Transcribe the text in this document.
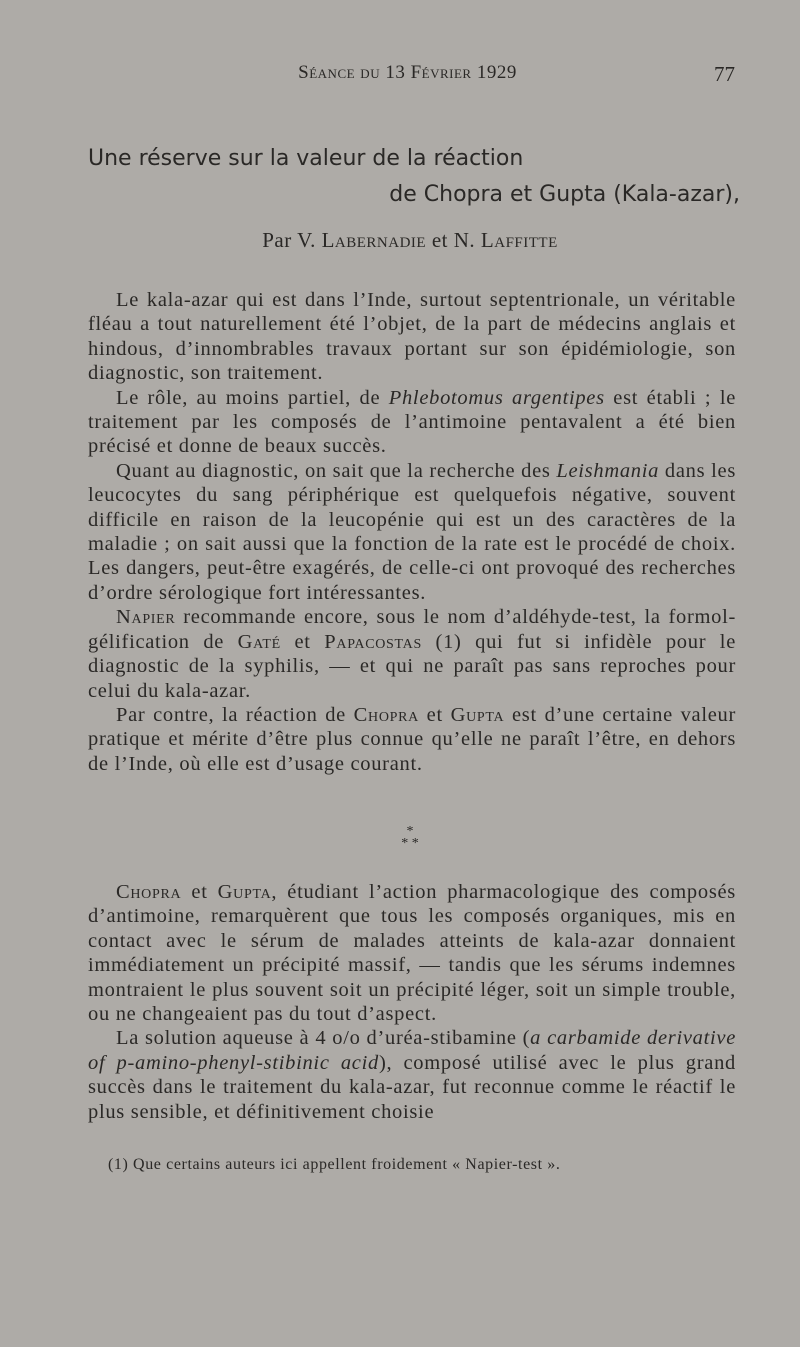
Séance du 13 Février 1929	77
Une réserve sur la valeur de la réaction
de Chopra et Gupta (Kala-azar),
Par V. Labernadie et N. Laffitte

Le kala-azar qui est dans l’Inde, surtout septentrionale, un véritable fléau a tout naturellement été l’objet, de la part de médecins anglais et hindous, d’innombrables travaux portant sur son épidémiologie, son diagnostic, son traitement.

Le rôle, au moins partiel, de Phlebotomus argentipes est établi ; le traitement par les composés de l’antimoine pentavalent a été bien précisé et donne de beaux succès.

Quant au diagnostic, on sait que la recherche des Leishmania dans les leucocytes du sang périphérique est quelquefois négative, souvent difficile en raison de la leucopénie qui est un des caractères de la maladie ; on sait aussi que la fonction de la rate est le procédé de choix. Les dangers, peut-être exagérés, de celle-ci ont provoqué des recherches d’ordre sérologique fort intéressantes.

Napier recommande encore, sous le nom d’aldéhyde-test, la formol-gélification de Gaté et Papacostas (1) qui fut si infidèle pour le diagnostic de la syphilis, — et qui ne paraît pas sans reproches pour celui du kala-azar.

Par contre, la réaction de Chopra et Gupta est d’une certaine valeur pratique et mérite d’être plus connue qu’elle ne paraît l’être, en dehors de l’Inde, où elle est d’usage courant.

*
* *

Chopra et Gupta, étudiant l’action pharmacologique des composés d’antimoine, remarquèrent que tous les composés organiques, mis en contact avec le sérum de malades atteints de kala-azar donnaient immédiatement un précipité massif, — tandis que les sérums indemnes montraient le plus souvent soit un précipité léger, soit un simple trouble, ou ne changeaient pas du tout d’aspect.

La solution aqueuse à 4 o/o d’uréa-stibamine (a carbamide derivative of p-amino-phenyl-stibinic acid), composé utilisé avec le plus grand succès dans le traitement du kala-azar, fut reconnue comme le réactif le plus sensible, et définitivement choisie

(1) Que certains auteurs ici appellent froidement « Napier-test ».
